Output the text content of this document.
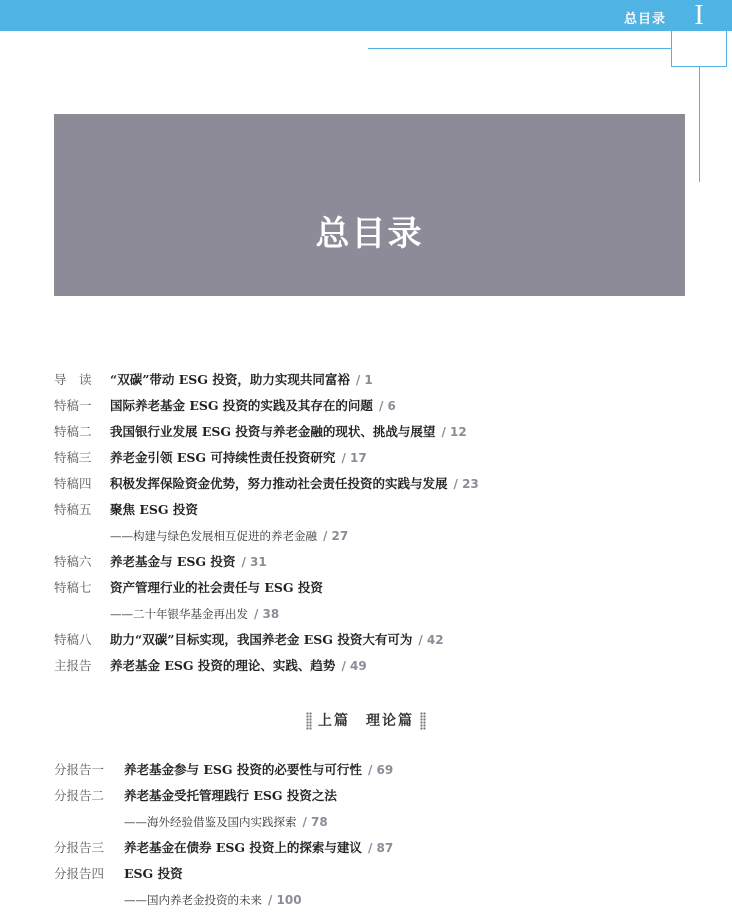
总目录	I
总目录
导　读 “双碳”带动 ESG 投资，助力实现共同富裕 / 1
特稿一 国际养老基金 ESG 投资的实践及其存在的问题 / 6
特稿二 我国银行业发展 ESG 投资与养老金融的现状、挑战与展望 / 12
特稿三 养老金引领 ESG 可持续性责任投资研究 / 17
特稿四 积极发挥保险资金优势，努力推动社会责任投资的实践与发展 / 23
特稿五 聚焦 ESG 投资
——构建与绿色发展相互促进的养老金融 / 27
特稿六 养老基金与 ESG 投资 / 31
特稿七 资产管理行业的社会责任与 ESG 投资
——二十年银华基金再出发 / 38
特稿八 助力“双碳”目标实现，我国养老金 ESG 投资大有可为 / 42
主报告 养老基金 ESG 投资的理论、实践、趋势 / 49
上篇　理论篇
分报告一 养老基金参与 ESG 投资的必要性与可行性 / 69
分报告二 养老基金受托管理践行 ESG 投资之法
——海外经验借鉴及国内实践探索 / 78
分报告三 养老基金在债券 ESG 投资上的探索与建议 / 87
分报告四 ESG 投资
——国内养老金投资的未来 / 100
